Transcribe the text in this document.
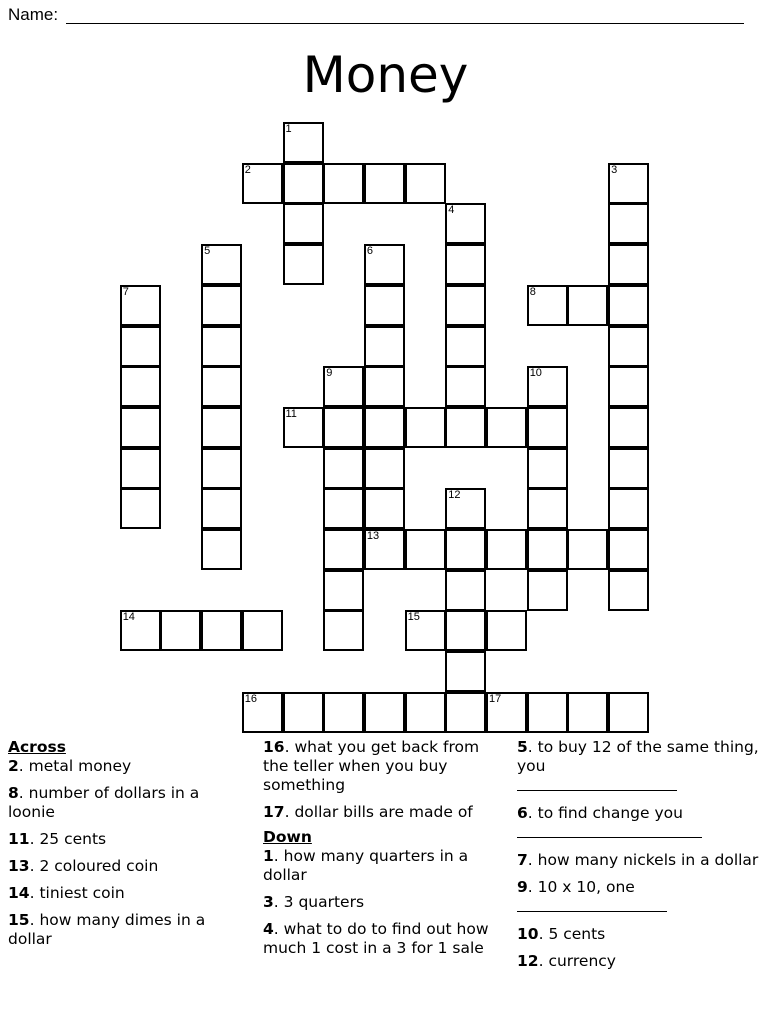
Name:
Money
1
2	3
4
5	6
7	8
9	10
11
12
13
14	15
16	17
Across
2. metal money
8. number of dollars in a loonie
11. 25 cents
13. 2 coloured coin
14. tiniest coin
15. how many dimes in a dollar
16. what you get back from the teller when you buy something
17. dollar bills are made of
Down
1. how many quarters in a dollar
3. 3 quarters
4. what to do to find out how much 1 cost in a 3 for 1 sale
5. to buy 12 of the same thing, you

6. to find change you

7. how many nickels in a dollar
9. 10 x 10, one

10. 5 cents
12. currency
